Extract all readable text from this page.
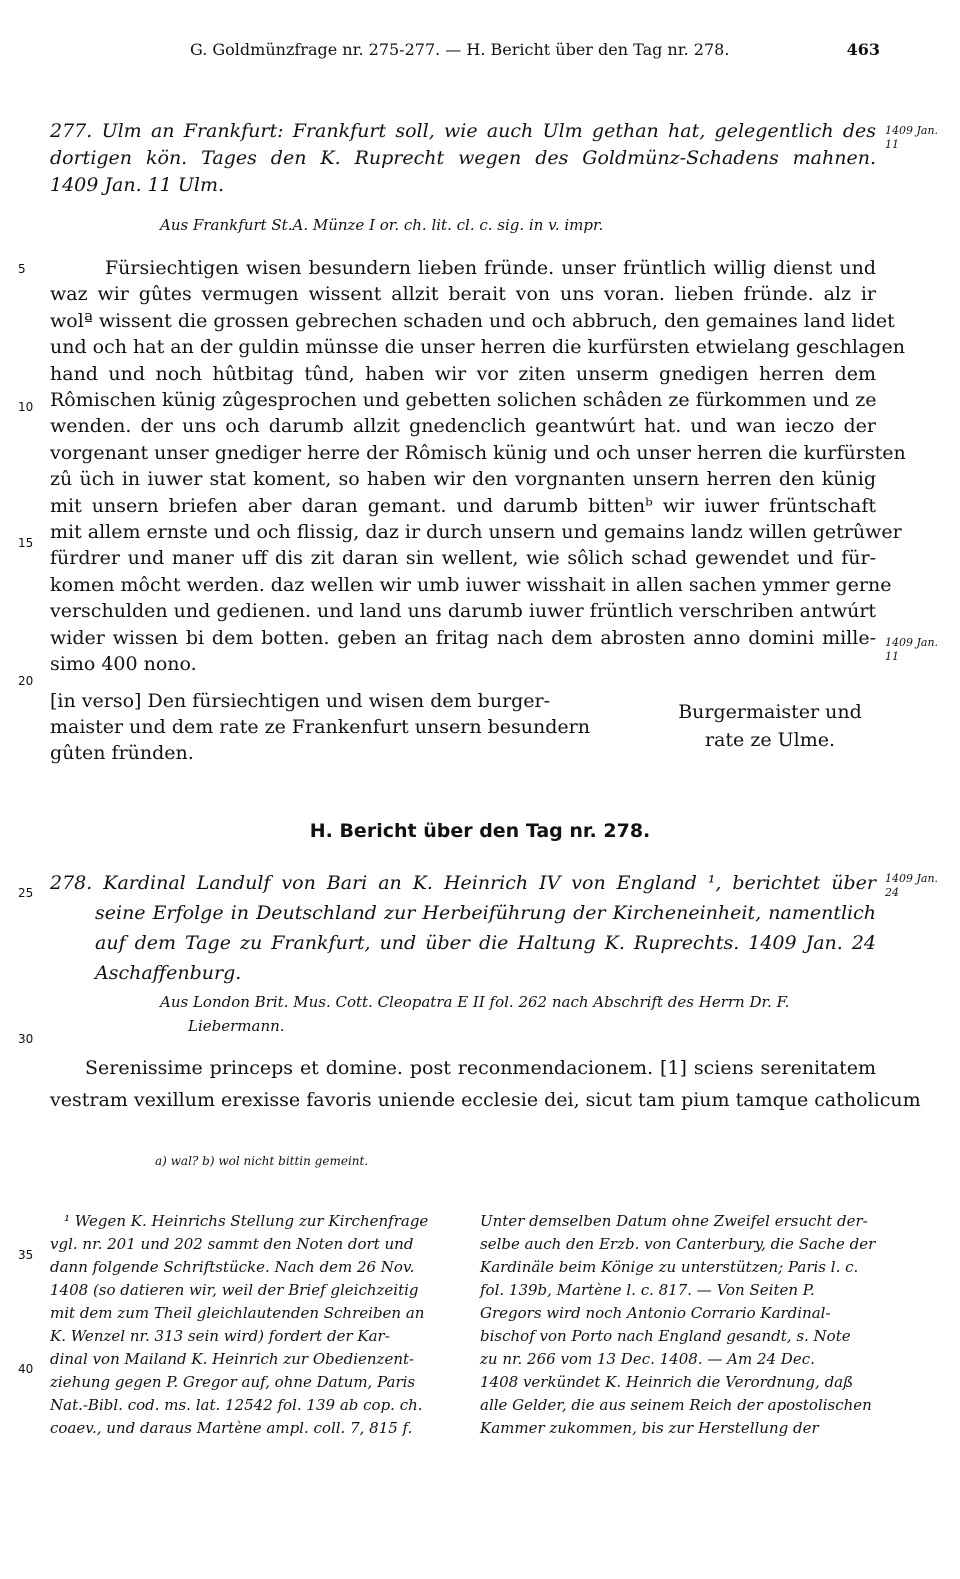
G. Goldmünzfrage nr. 275-277. — H. Bericht über den Tag nr. 278.	463
277. Ulm an Frankfurt: Frankfurt soll, wie auch Ulm gethan hat, gelegentlich des
dortigen kön. Tages den K. Ruprecht wegen des Goldmünz-Schadens mahnen.
1409 Jan. 11 Ulm.
1409 Jan. 11
Aus Frankfurt St.A. Münze I or. ch. lit. cl. c. sig. in v. impr.
Fürsiechtigen wisen besundern lieben fründe. unser früntlich willig dienst und
waz wir gûtes vermugen wissent allzit berait von uns voran. lieben fründe. alz ir
wolª wissent die grossen gebrechen schaden und och abbruch, den gemaines land lidet
und och hat an der guldin münsse die unser herren die kurfürsten etwielang geschlagen
hand und noch hûtbitag tûnd, haben wir vor ziten unserm gnedigen herren dem
Rômischen künig zûgesprochen und gebetten solichen schâden ze fürkommen und ze
wenden. der uns och darumb allzit gnedenclich geantwúrt hat. und wan ieczo der
vorgenant unser gnediger herre der Rômisch künig und och unser herren die kurfürsten
zû üch in iuwer stat koment, so haben wir den vorgnanten unsern herren den künig
mit unsern briefen aber daran gemant. und darumb bittenᵇ wir iuwer früntschaft
mit allem ernste und och flissig, daz ir durch unsern und gemains landz willen getrûwer
fürdrer und maner uff dis zit daran sin wellent, wie sôlich schad gewendet und für-
komen môcht werden. daz wellen wir umb iuwer wisshait in allen sachen ymmer gerne
verschulden und gedienen. und land uns darumb iuwer früntlich verschriben antwúrt
wider wissen bi dem botten. geben an fritag nach dem abrosten anno domini mille-
simo 400 nono.
1409 Jan. 11
[in verso] Den fürsiechtigen und wisen dem burger- maister und dem rate ze Frankenfurt unsern besundern gûten fründen.
Burgermaister und rate ze Ulme.
H. Bericht über den Tag nr. 278.
278. Kardinal Landulf von Bari an K. Heinrich IV von England ¹, berichtet über
seine Erfolge in Deutschland zur Herbeiführung der Kircheneinheit, namentlich
auf dem Tage zu Frankfurt, und über die Haltung K. Ruprechts. 1409 Jan. 24
Aschaffenburg.
1409 Jan. 24
Aus London Brit. Mus. Cott. Cleopatra E II fol. 262 nach Abschrift des Herrn Dr. F.
Liebermann.
Serenissime princeps et domine. post reconmendacionem. [1] sciens serenitatem
vestram vexillum erexisse favoris uniende ecclesie dei, sicut tam pium tamque catholicum
a) wal? b) wol nicht bittin gemeint.
5
10
15
20
25
30
35
40
¹ Wegen K. Heinrichs Stellung zur Kirchenfrage
vgl. nr. 201 und 202 sammt den Noten dort und
dann folgende Schriftstücke. Nach dem 26 Nov.
1408 (so datieren wir, weil der Brief gleichzeitig
mit dem zum Theil gleichlautenden Schreiben an
K. Wenzel nr. 313 sein wird) fordert der Kar-
dinal von Mailand K. Heinrich zur Obedienzent-
ziehung gegen P. Gregor auf, ohne Datum, Paris
Nat.-Bibl. cod. ms. lat. 12542 fol. 139 ab cop. ch.
coaev., und daraus Martène ampl. coll. 7, 815 f.
Unter demselben Datum ohne Zweifel ersucht der-
selbe auch den Erzb. von Canterbury, die Sache der
Kardinäle beim Könige zu unterstützen; Paris l. c.
fol. 139b, Martène l. c. 817. — Von Seiten P.
Gregors wird noch Antonio Corrario Kardinal-
bischof von Porto nach England gesandt, s. Note
zu nr. 266 vom 13 Dec. 1408. — Am 24 Dec.
1408 verkündet K. Heinrich die Verordnung, daß
alle Gelder, die aus seinem Reich der apostolischen
Kammer zukommen, bis zur Herstellung der
